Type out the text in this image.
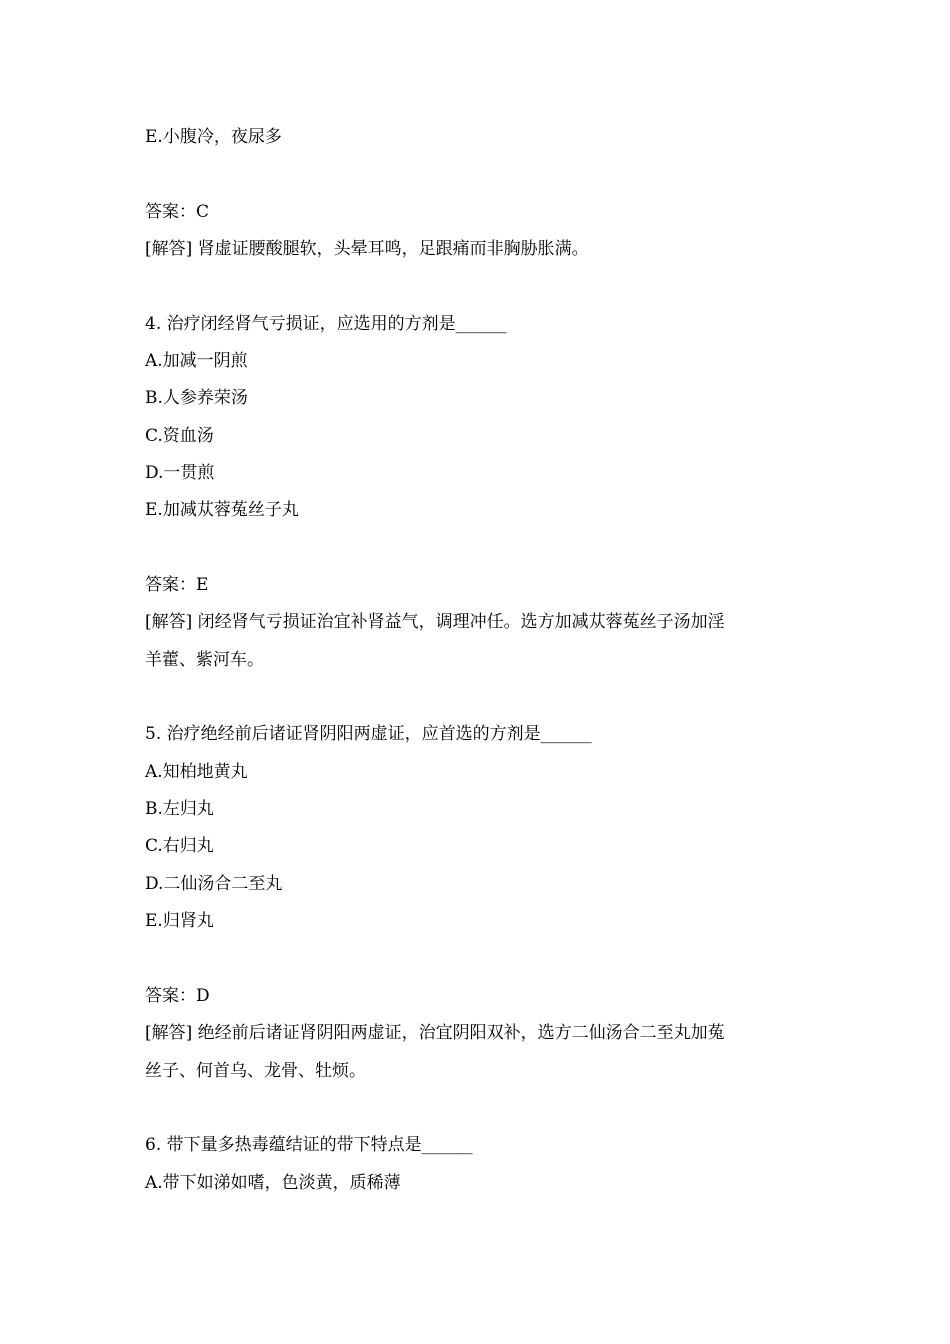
E.小腹冷，夜尿多
答案：C
[解答] 肾虚证腰酸腿软，头晕耳鸣，足跟痛而非胸胁胀满。
4. 治疗闭经肾气亏损证，应选用的方剂是______
A.加减一阴煎
B.人参养荣汤
C.资血汤
D.一贯煎
E.加减苁蓉菟丝子丸
答案：E
[解答] 闭经肾气亏损证治宜补肾益气，调理冲任。选方加减苁蓉菟丝子汤加淫
羊藿、紫河车。
5. 治疗绝经前后诸证肾阴阳两虚证，应首选的方剂是______
A.知柏地黄丸
B.左归丸
C.右归丸
D.二仙汤合二至丸
E.归肾丸
答案：D
[解答] 绝经前后诸证肾阴阳两虚证，治宜阴阳双补，选方二仙汤合二至丸加菟
丝子、何首乌、龙骨、牡烦。
6. 带下量多热毒蕴结证的带下特点是______
A.带下如涕如嗜，色淡黄，质稀薄
